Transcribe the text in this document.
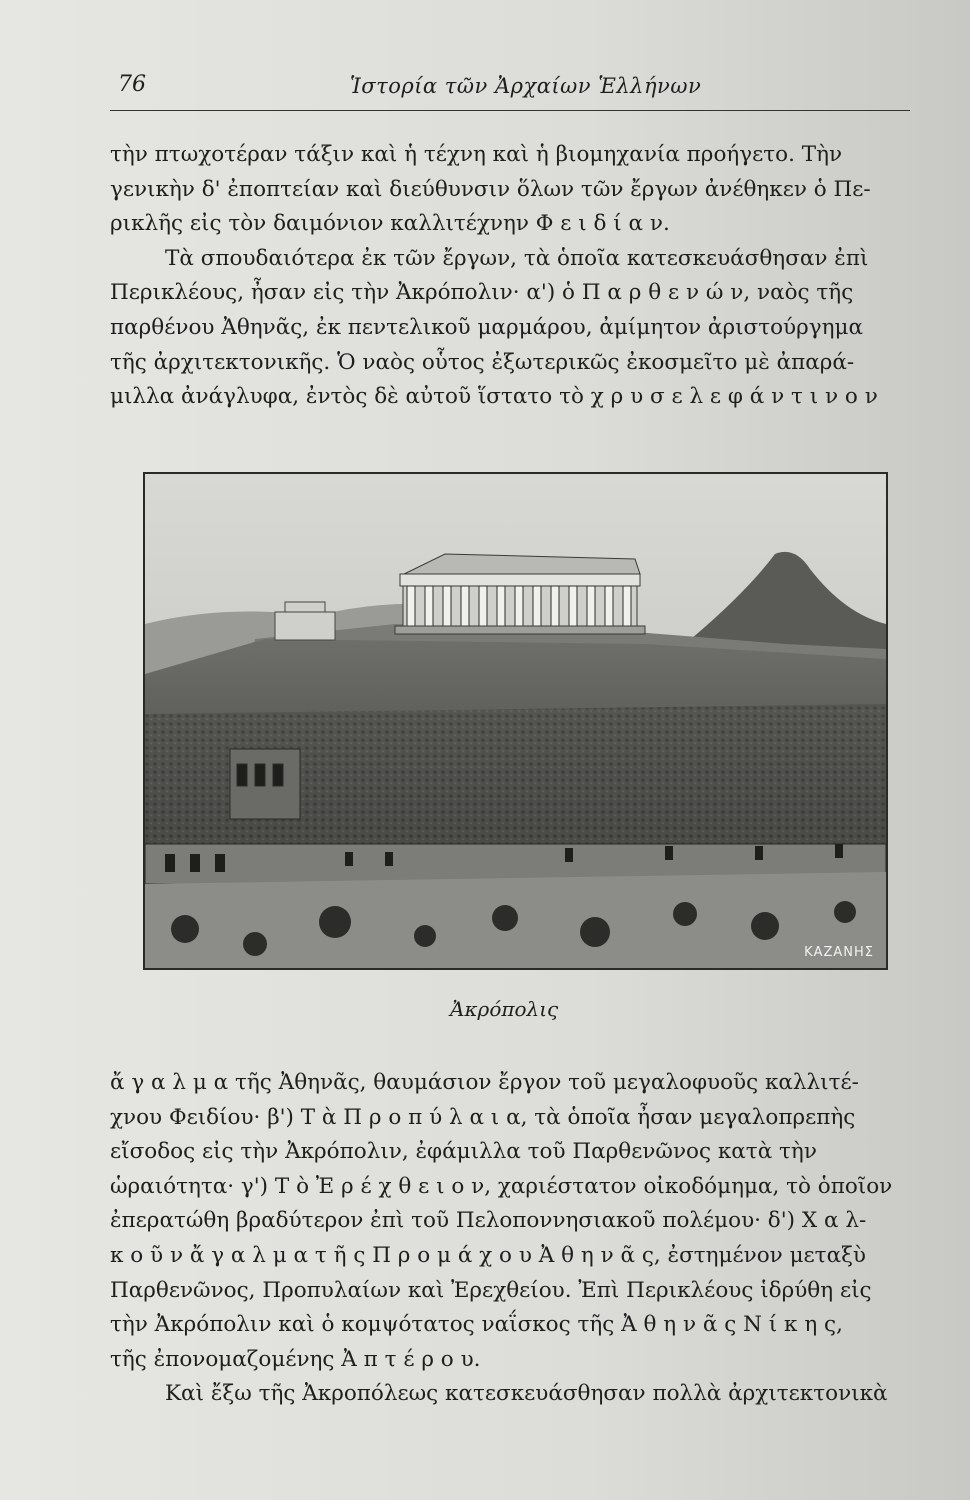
76	Ἱστορία τῶν Ἀρχαίων Ἑλλήνων
τὴν πτωχοτέραν τάξιν καὶ ἡ τέχνη καὶ ἡ βιομηχανία προήγετο. Τὴν
γενικὴν δ' ἐποπτείαν καὶ διεύθυνσιν ὅλων τῶν ἔργων ἀνέθηκεν ὁ Πε-
ρικλῆς εἰς τὸν δαιμόνιον καλλιτέχνην Φ ε ι δ ί α ν.
Τὰ σπουδαιότερα ἐκ τῶν ἔργων, τὰ ὁποῖα κατεσκευάσθησαν ἐπὶ
Περικλέους, ἦσαν εἰς τὴν Ἀκρόπολιν· α') ὁ Π α ρ θ ε ν ώ ν, ναὸς τῆς
παρθένου Ἀθηνᾶς, ἐκ πεντελικοῦ μαρμάρου, ἀμίμητον ἀριστούργημα
τῆς ἀρχιτεκτονικῆς. Ὁ ναὸς οὗτος ἐξωτερικῶς ἐκοσμεῖτο μὲ ἀπαρά-
μιλλα ἀνάγλυφα, ἐντὸς δὲ αὐτοῦ ἵστατο τὸ χ ρ υ σ ε λ ε φ ά ν τ ι ν ο ν
ΚΑΖΑΝΗΣ
Ἀκρόπολις
ἄ γ α λ μ α τῆς Ἀθηνᾶς, θαυμάσιον ἔργον τοῦ μεγαλοφυοῦς καλλιτέ-
χνου Φειδίου· β') Τ ὰ Π ρ ο π ύ λ α ι α, τὰ ὁποῖα ἦσαν μεγαλοπρεπὴς
εἴσοδος εἰς τὴν Ἀκρόπολιν, ἐφάμιλλα τοῦ Παρθενῶνος κατὰ τὴν
ὡραιότητα· γ') Τ ὸ Ἐ ρ έ χ θ ε ι ο ν, χαριέστατον οἰκοδόμημα, τὸ ὁποῖον
ἐπερατώθη βραδύτερον ἐπὶ τοῦ Πελοποννησιακοῦ πολέμου· δ') Χ α λ-
κ ο ῦ ν ἄ γ α λ μ α τ ῆ ς Π ρ ο μ ά χ ο υ Ἀ θ η ν ᾶ ς, ἐστημένον μεταξὺ
Παρθενῶνος, Προπυλαίων καὶ Ἐρεχθείου. Ἐπὶ Περικλέους ἱδρύθη εἰς
τὴν Ἀκρόπολιν καὶ ὁ κομψότατος ναΐσκος τῆς Ἀ θ η ν ᾶ ς Ν ί κ η ς,
τῆς ἐπονομαζομένης Ἀ π τ έ ρ ο υ.
Καὶ ἔξω τῆς Ἀκροπόλεως κατεσκευάσθησαν πολλὰ ἀρχιτεκτονικὰ
